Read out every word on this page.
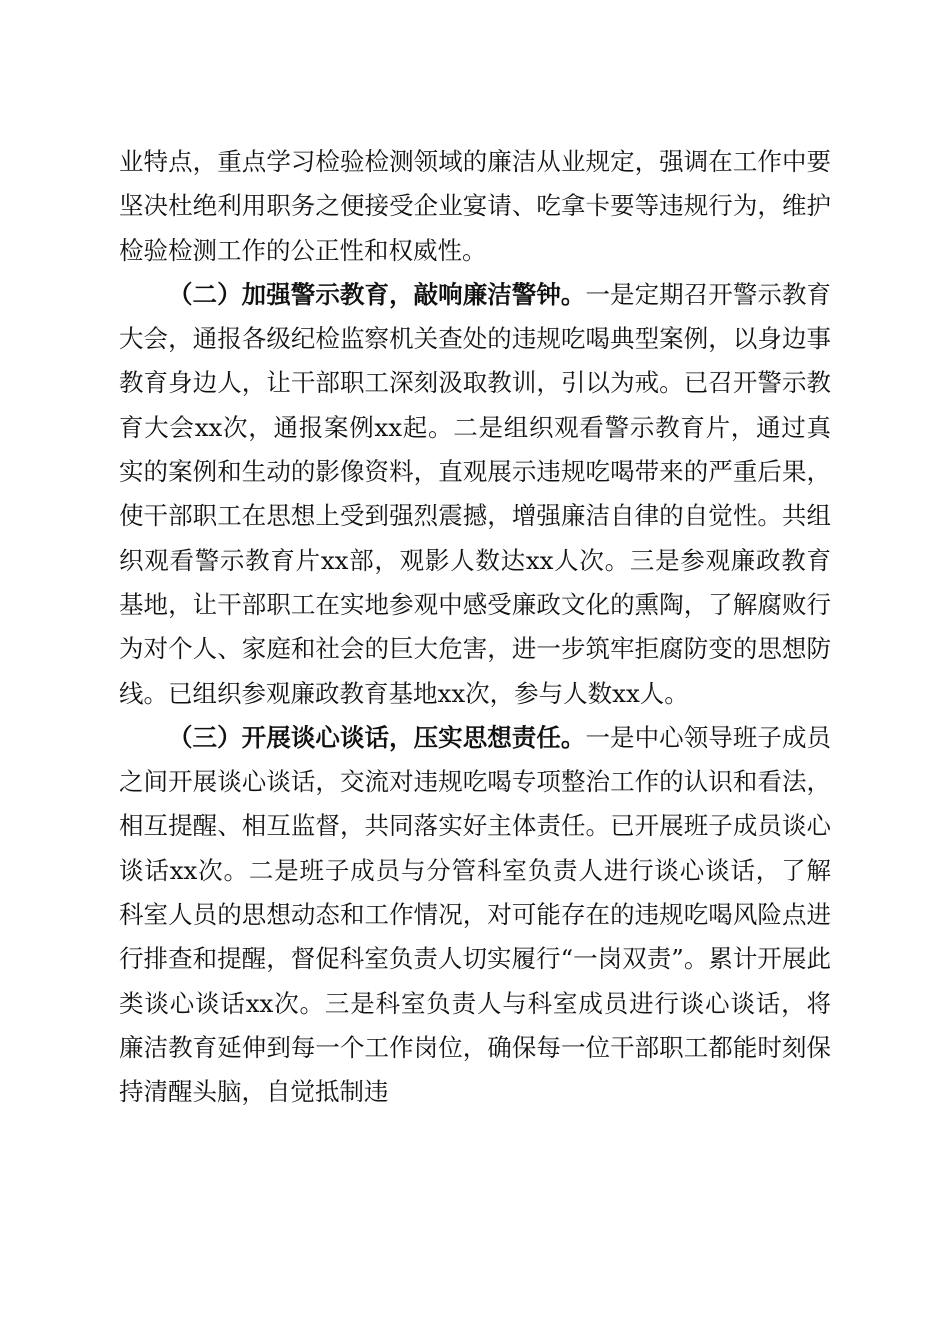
业特点，重点学习检验检测领域的廉洁从业规定，强调在工作中要坚决杜绝利用职务之便接受企业宴请、吃拿卡要等违规行为，维护检验检测工作的公正性和权威性。

（二）加强警示教育，敲响廉洁警钟。一是定期召开警示教育大会，通报各级纪检监察机关查处的违规吃喝典型案例，以身边事教育身边人，让干部职工深刻汲取教训，引以为戒。已召开警示教育大会xx次，通报案例xx起。二是组织观看警示教育片，通过真实的案例和生动的影像资料，直观展示违规吃喝带来的严重后果，使干部职工在思想上受到强烈震撼，增强廉洁自律的自觉性。共组织观看警示教育片xx部，观影人数达xx人次。三是参观廉政教育基地，让干部职工在实地参观中感受廉政文化的熏陶，了解腐败行为对个人、家庭和社会的巨大危害，进一步筑牢拒腐防变的思想防线。已组织参观廉政教育基地xx次，参与人数xx人。

（三）开展谈心谈话，压实思想责任。一是中心领导班子成员之间开展谈心谈话，交流对违规吃喝专项整治工作的认识和看法，相互提醒、相互监督，共同落实好主体责任。已开展班子成员谈心谈话xx次。二是班子成员与分管科室负责人进行谈心谈话，了解科室人员的思想动态和工作情况，对可能存在的违规吃喝风险点进行排查和提醒，督促科室负责人切实履行“一岗双责”。累计开展此类谈心谈话xx次。三是科室负责人与科室成员进行谈心谈话，将廉洁教育延伸到每一个工作岗位，确保每一位干部职工都能时刻保持清醒头脑，自觉抵制违
